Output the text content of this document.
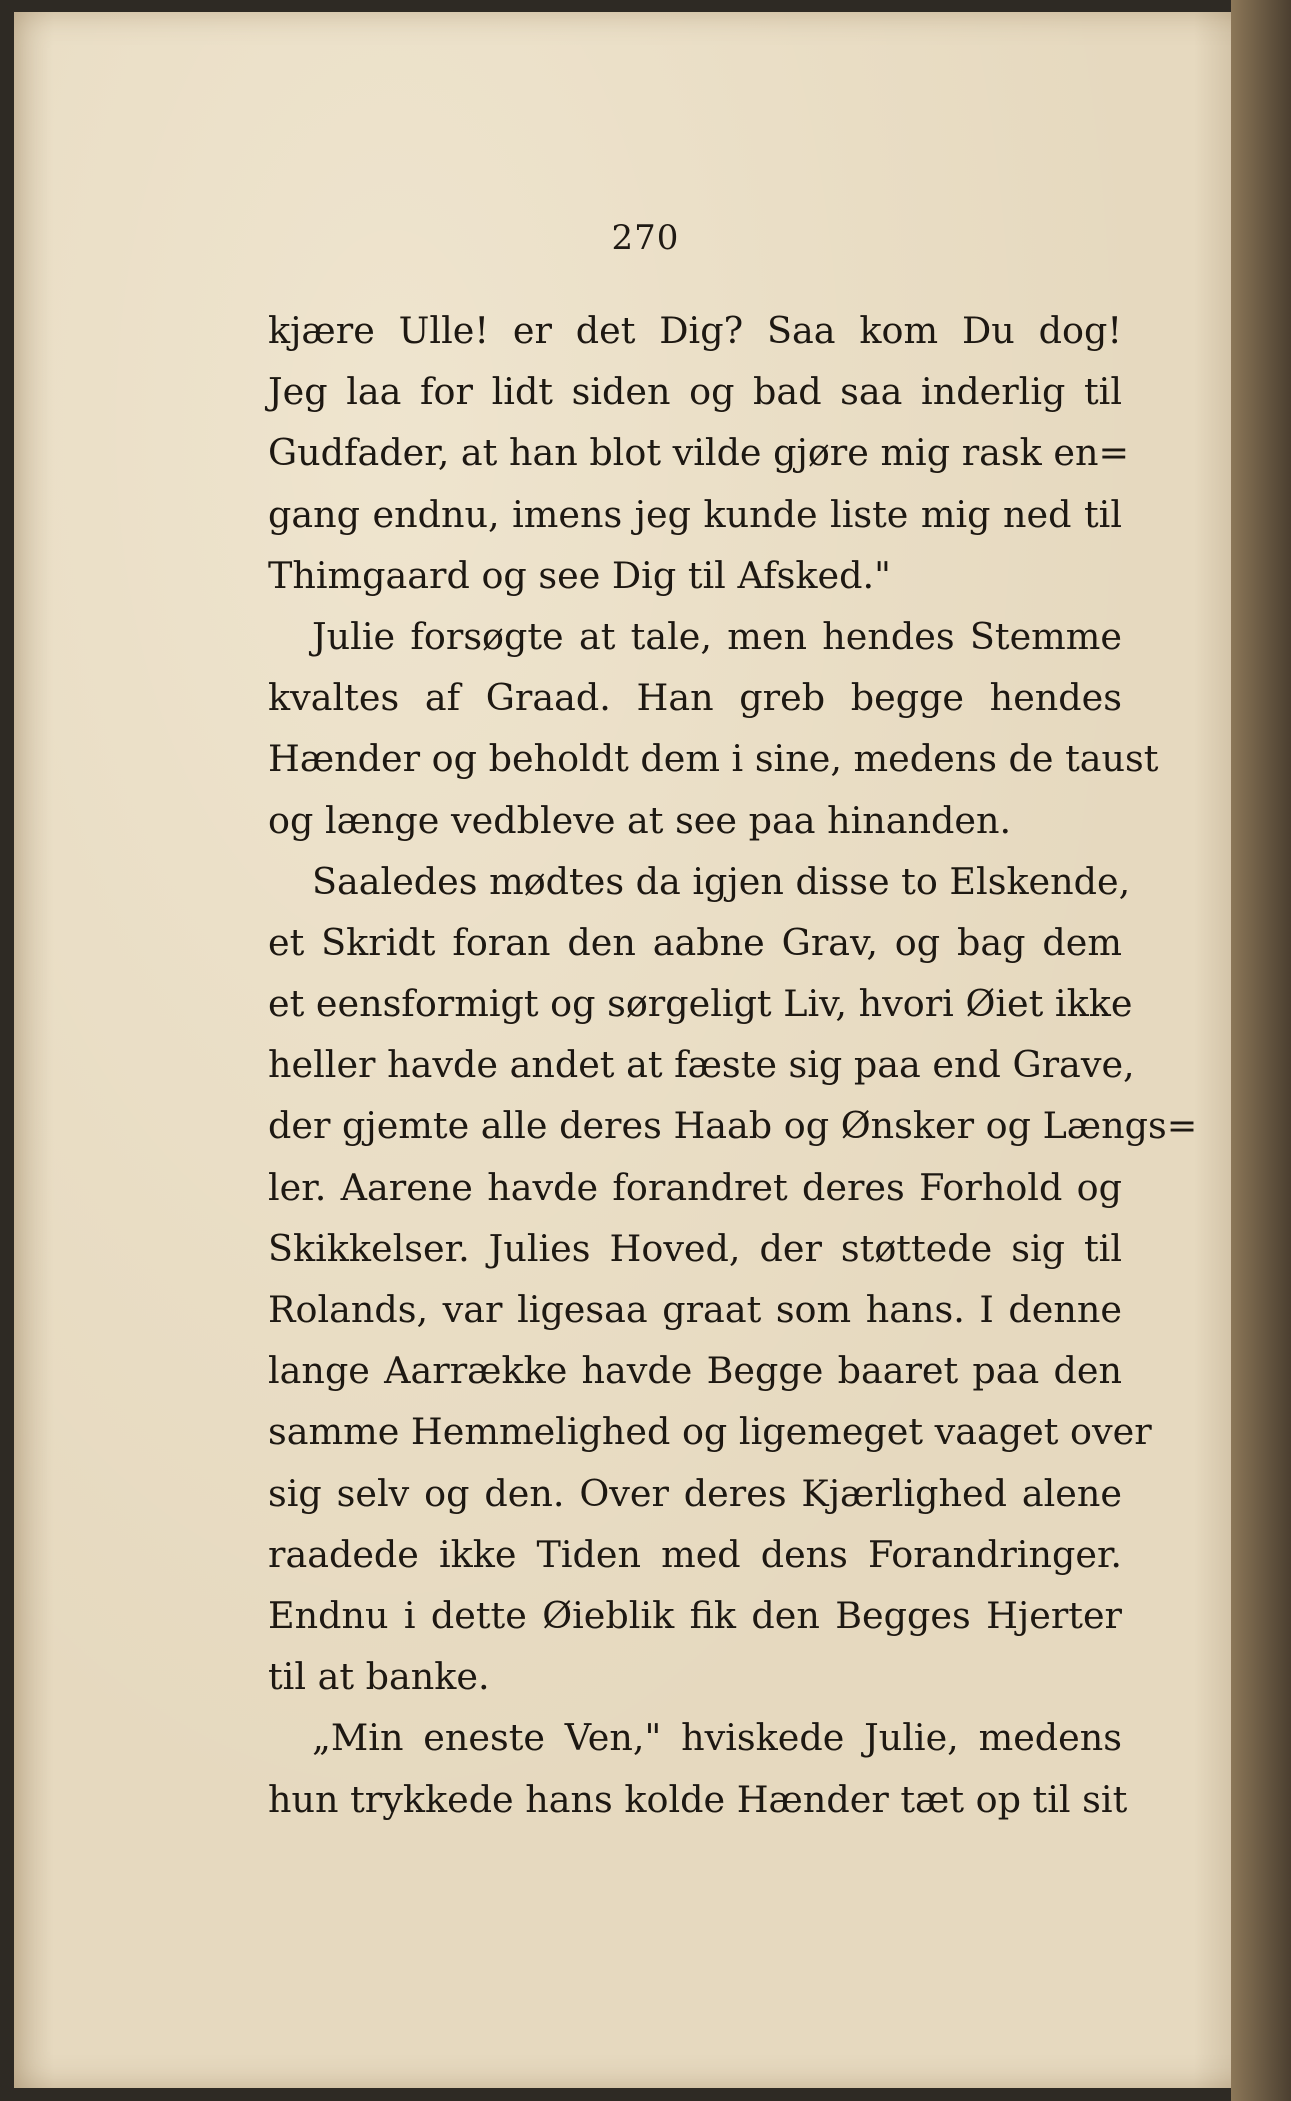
270
kjære Ulle! er det Dig? Saa kom Du dog!
Jeg laa for lidt siden og bad saa inderlig til
Gudfader, at han blot vilde gjøre mig rask en=
gang endnu, imens jeg kunde liste mig ned til
Thimgaard og see Dig til Afsked."
Julie forsøgte at tale, men hendes Stemme
kvaltes af Graad. Han greb begge hendes
Hænder og beholdt dem i sine, medens de taust
og længe vedbleve at see paa hinanden.
Saaledes mødtes da igjen disse to Elskende,
et Skridt foran den aabne Grav, og bag dem
et eensformigt og sørgeligt Liv, hvori Øiet ikke
heller havde andet at fæste sig paa end Grave,
der gjemte alle deres Haab og Ønsker og Længs=
ler. Aarene havde forandret deres Forhold og
Skikkelser. Julies Hoved, der støttede sig til
Rolands, var ligesaa graat som hans. I denne
lange Aarrække havde Begge baaret paa den
samme Hemmelighed og ligemeget vaaget over
sig selv og den. Over deres Kjærlighed alene
raadede ikke Tiden med dens Forandringer.
Endnu i dette Øieblik fik den Begges Hjerter
til at banke.
„Min eneste Ven," hviskede Julie, medens
hun trykkede hans kolde Hænder tæt op til sit
